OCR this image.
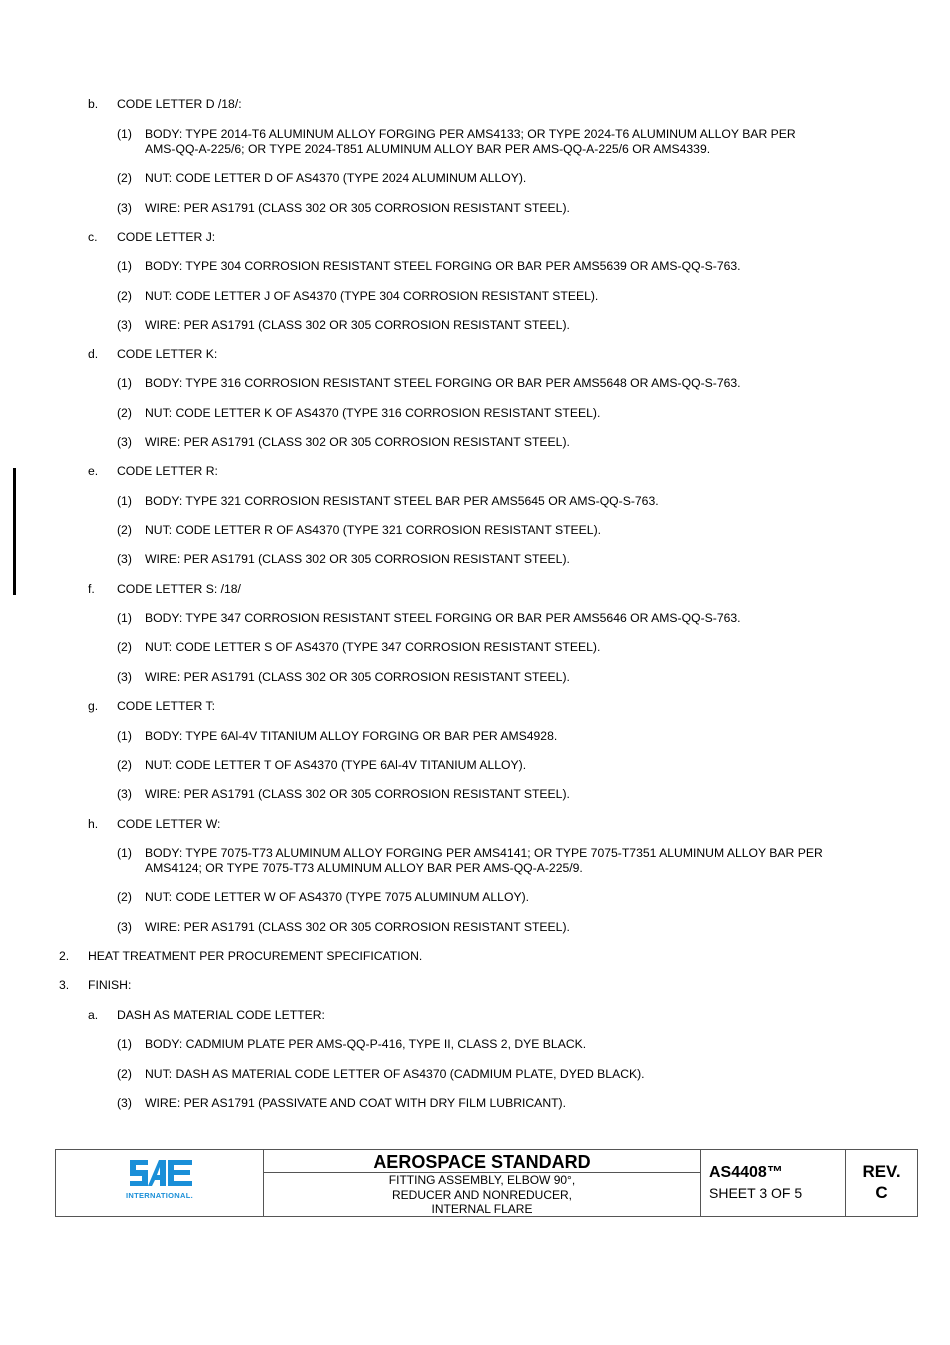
b. CODE LETTER D /18/:
(1) BODY: TYPE 2014-T6 ALUMINUM ALLOY FORGING PER AMS4133; OR TYPE 2024-T6 ALUMINUM ALLOY BAR PER
AMS-QQ-A-225/6; OR TYPE 2024-T851 ALUMINUM ALLOY BAR PER AMS-QQ-A-225/6 OR AMS4339.
(2) NUT: CODE LETTER D OF AS4370 (TYPE 2024 ALUMINUM ALLOY).
(3) WIRE: PER AS1791 (CLASS 302 OR 305 CORROSION RESISTANT STEEL).
c. CODE LETTER J:
(1) BODY: TYPE 304 CORROSION RESISTANT STEEL FORGING OR BAR PER AMS5639 OR AMS-QQ-S-763.
(2) NUT: CODE LETTER J OF AS4370 (TYPE 304 CORROSION RESISTANT STEEL).
(3) WIRE: PER AS1791 (CLASS 302 OR 305 CORROSION RESISTANT STEEL).
d. CODE LETTER K:
(1) BODY: TYPE 316 CORROSION RESISTANT STEEL FORGING OR BAR PER AMS5648 OR AMS-QQ-S-763.
(2) NUT: CODE LETTER K OF AS4370 (TYPE 316 CORROSION RESISTANT STEEL).
(3) WIRE: PER AS1791 (CLASS 302 OR 305 CORROSION RESISTANT STEEL).
e. CODE LETTER R:
(1) BODY: TYPE 321 CORROSION RESISTANT STEEL BAR PER AMS5645 OR AMS-QQ-S-763.
(2) NUT: CODE LETTER R OF AS4370 (TYPE 321 CORROSION RESISTANT STEEL).
(3) WIRE: PER AS1791 (CLASS 302 OR 305 CORROSION RESISTANT STEEL).
f. CODE LETTER S: /18/
(1) BODY: TYPE 347 CORROSION RESISTANT STEEL FORGING OR BAR PER AMS5646 OR AMS-QQ-S-763.
(2) NUT: CODE LETTER S OF AS4370 (TYPE 347 CORROSION RESISTANT STEEL).
(3) WIRE: PER AS1791 (CLASS 302 OR 305 CORROSION RESISTANT STEEL).
g. CODE LETTER T:
(1) BODY: TYPE 6Al-4V TITANIUM ALLOY FORGING OR BAR PER AMS4928.
(2) NUT: CODE LETTER T OF AS4370 (TYPE 6Al-4V TITANIUM ALLOY).
(3) WIRE: PER AS1791 (CLASS 302 OR 305 CORROSION RESISTANT STEEL).
h. CODE LETTER W:
(1) BODY: TYPE 7075-T73 ALUMINUM ALLOY FORGING PER AMS4141; OR TYPE 7075-T7351 ALUMINUM ALLOY BAR PER
AMS4124; OR TYPE 7075-T73 ALUMINUM ALLOY BAR PER AMS-QQ-A-225/9.
(2) NUT: CODE LETTER W OF AS4370 (TYPE 7075 ALUMINUM ALLOY).
(3) WIRE: PER AS1791 (CLASS 302 OR 305 CORROSION RESISTANT STEEL).
2. HEAT TREATMENT PER PROCUREMENT SPECIFICATION.
3. FINISH:
a. DASH AS MATERIAL CODE LETTER:
(1) BODY: CADMIUM PLATE PER AMS-QQ-P-416, TYPE II, CLASS 2, DYE BLACK.
(2) NUT: DASH AS MATERIAL CODE LETTER OF AS4370 (CADMIUM PLATE, DYED BLACK).
(3) WIRE: PER AS1791 (PASSIVATE AND COAT WITH DRY FILM LUBRICANT).
INTERNATIONAL.
AEROSPACE STANDARD
FITTING ASSEMBLY, ELBOW 90°,
REDUCER AND NONREDUCER,
INTERNAL FLARE
AS4408™
SHEET 3 OF 5
REV.
C
